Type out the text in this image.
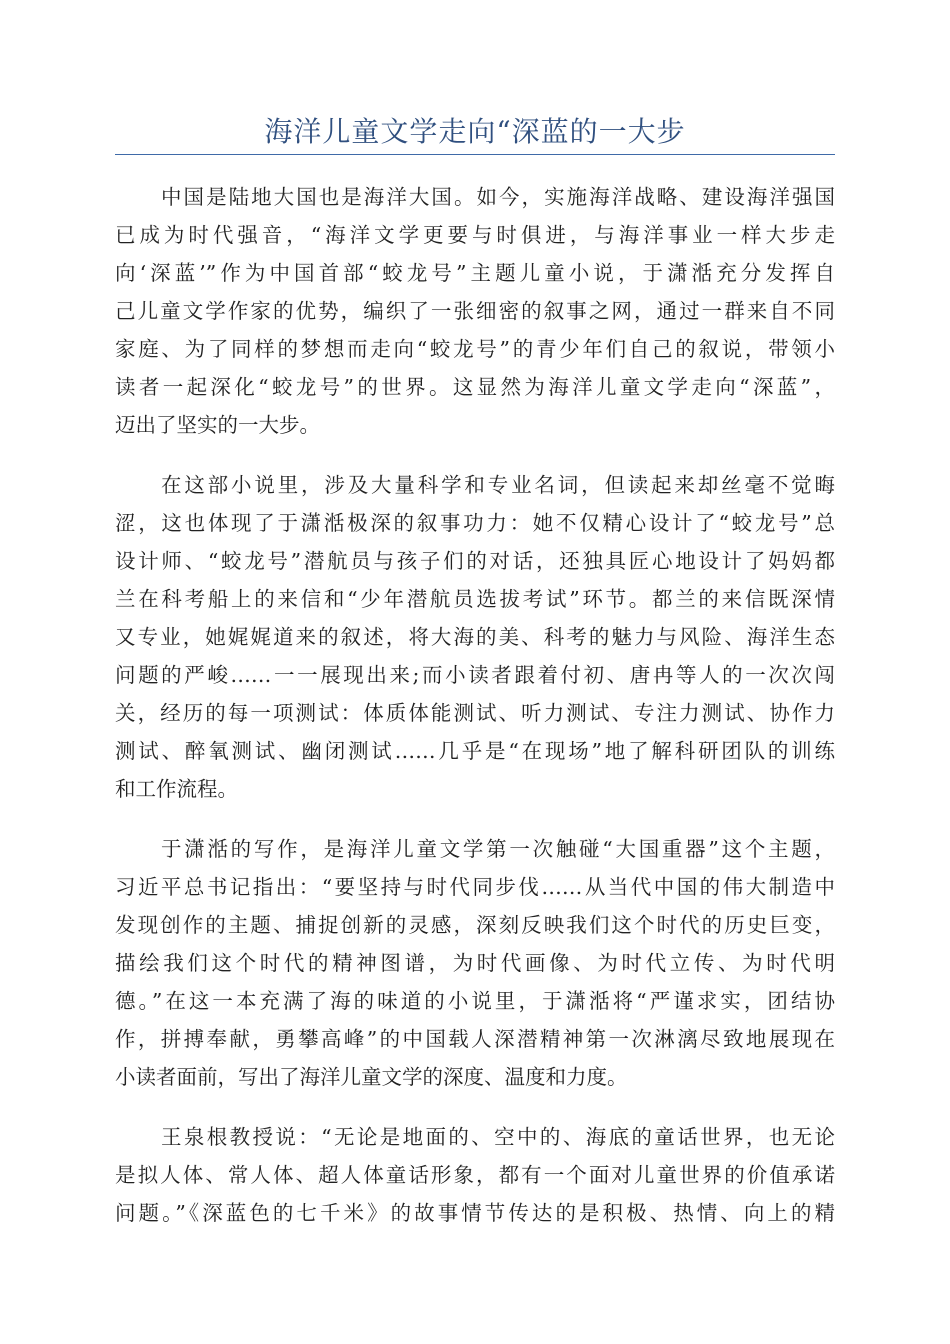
海洋儿童文学走向“深蓝的一大步
中国是陆地大国也是海洋大国。如今，实施海洋战略、建设海洋强国
已成为时代强音，“海洋文学更要与时俱进，与海洋事业一样大步走
向‘深蓝’”作为中国首部“蛟龙号”主题儿童小说，于潇湉充分发挥自
己儿童文学作家的优势，编织了一张细密的叙事之网，通过一群来自不同
家庭、为了同样的梦想而走向“蛟龙号”的青少年们自己的叙说，带领小
读者一起深化“蛟龙号”的世界。这显然为海洋儿童文学走向“深蓝”，
迈出了坚实的一大步。
在这部小说里，涉及大量科学和专业名词，但读起来却丝毫不觉晦
涩，这也体现了于潇湉极深的叙事功力：她不仅精心设计了“蛟龙号”总
设计师、“蛟龙号”潜航员与孩子们的对话，还独具匠心地设计了妈妈都
兰在科考船上的来信和“少年潜航员选拔考试”环节。都兰的来信既深情
又专业，她娓娓道来的叙述，将大海的美、科考的魅力与风险、海洋生态
问题的严峻……一一展现出来;而小读者跟着付初、唐冉等人的一次次闯
关，经历的每一项测试：体质体能测试、听力测试、专注力测试、协作力
测试、醉氧测试、幽闭测试……几乎是“在现场”地了解科研团队的训练
和工作流程。
于潇湉的写作，是海洋儿童文学第一次触碰“大国重器”这个主题，
习近平总书记指出：“要坚持与时代同步伐……从当代中国的伟大制造中
发现创作的主题、捕捉创新的灵感，深刻反映我们这个时代的历史巨变，
描绘我们这个时代的精神图谱，为时代画像、为时代立传、为时代明
德。”在这一本充满了海的味道的小说里，于潇湉将“严谨求实，团结协
作，拼搏奉献，勇攀高峰”的中国载人深潜精神第一次淋漓尽致地展现在
小读者面前，写出了海洋儿童文学的深度、温度和力度。
王泉根教授说：“无论是地面的、空中的、海底的童话世界，也无论
是拟人体、常人体、超人体童话形象，都有一个面对儿童世界的价值承诺
问题。”《深蓝色的七千米》的故事情节传达的是积极、热情、向上的精
